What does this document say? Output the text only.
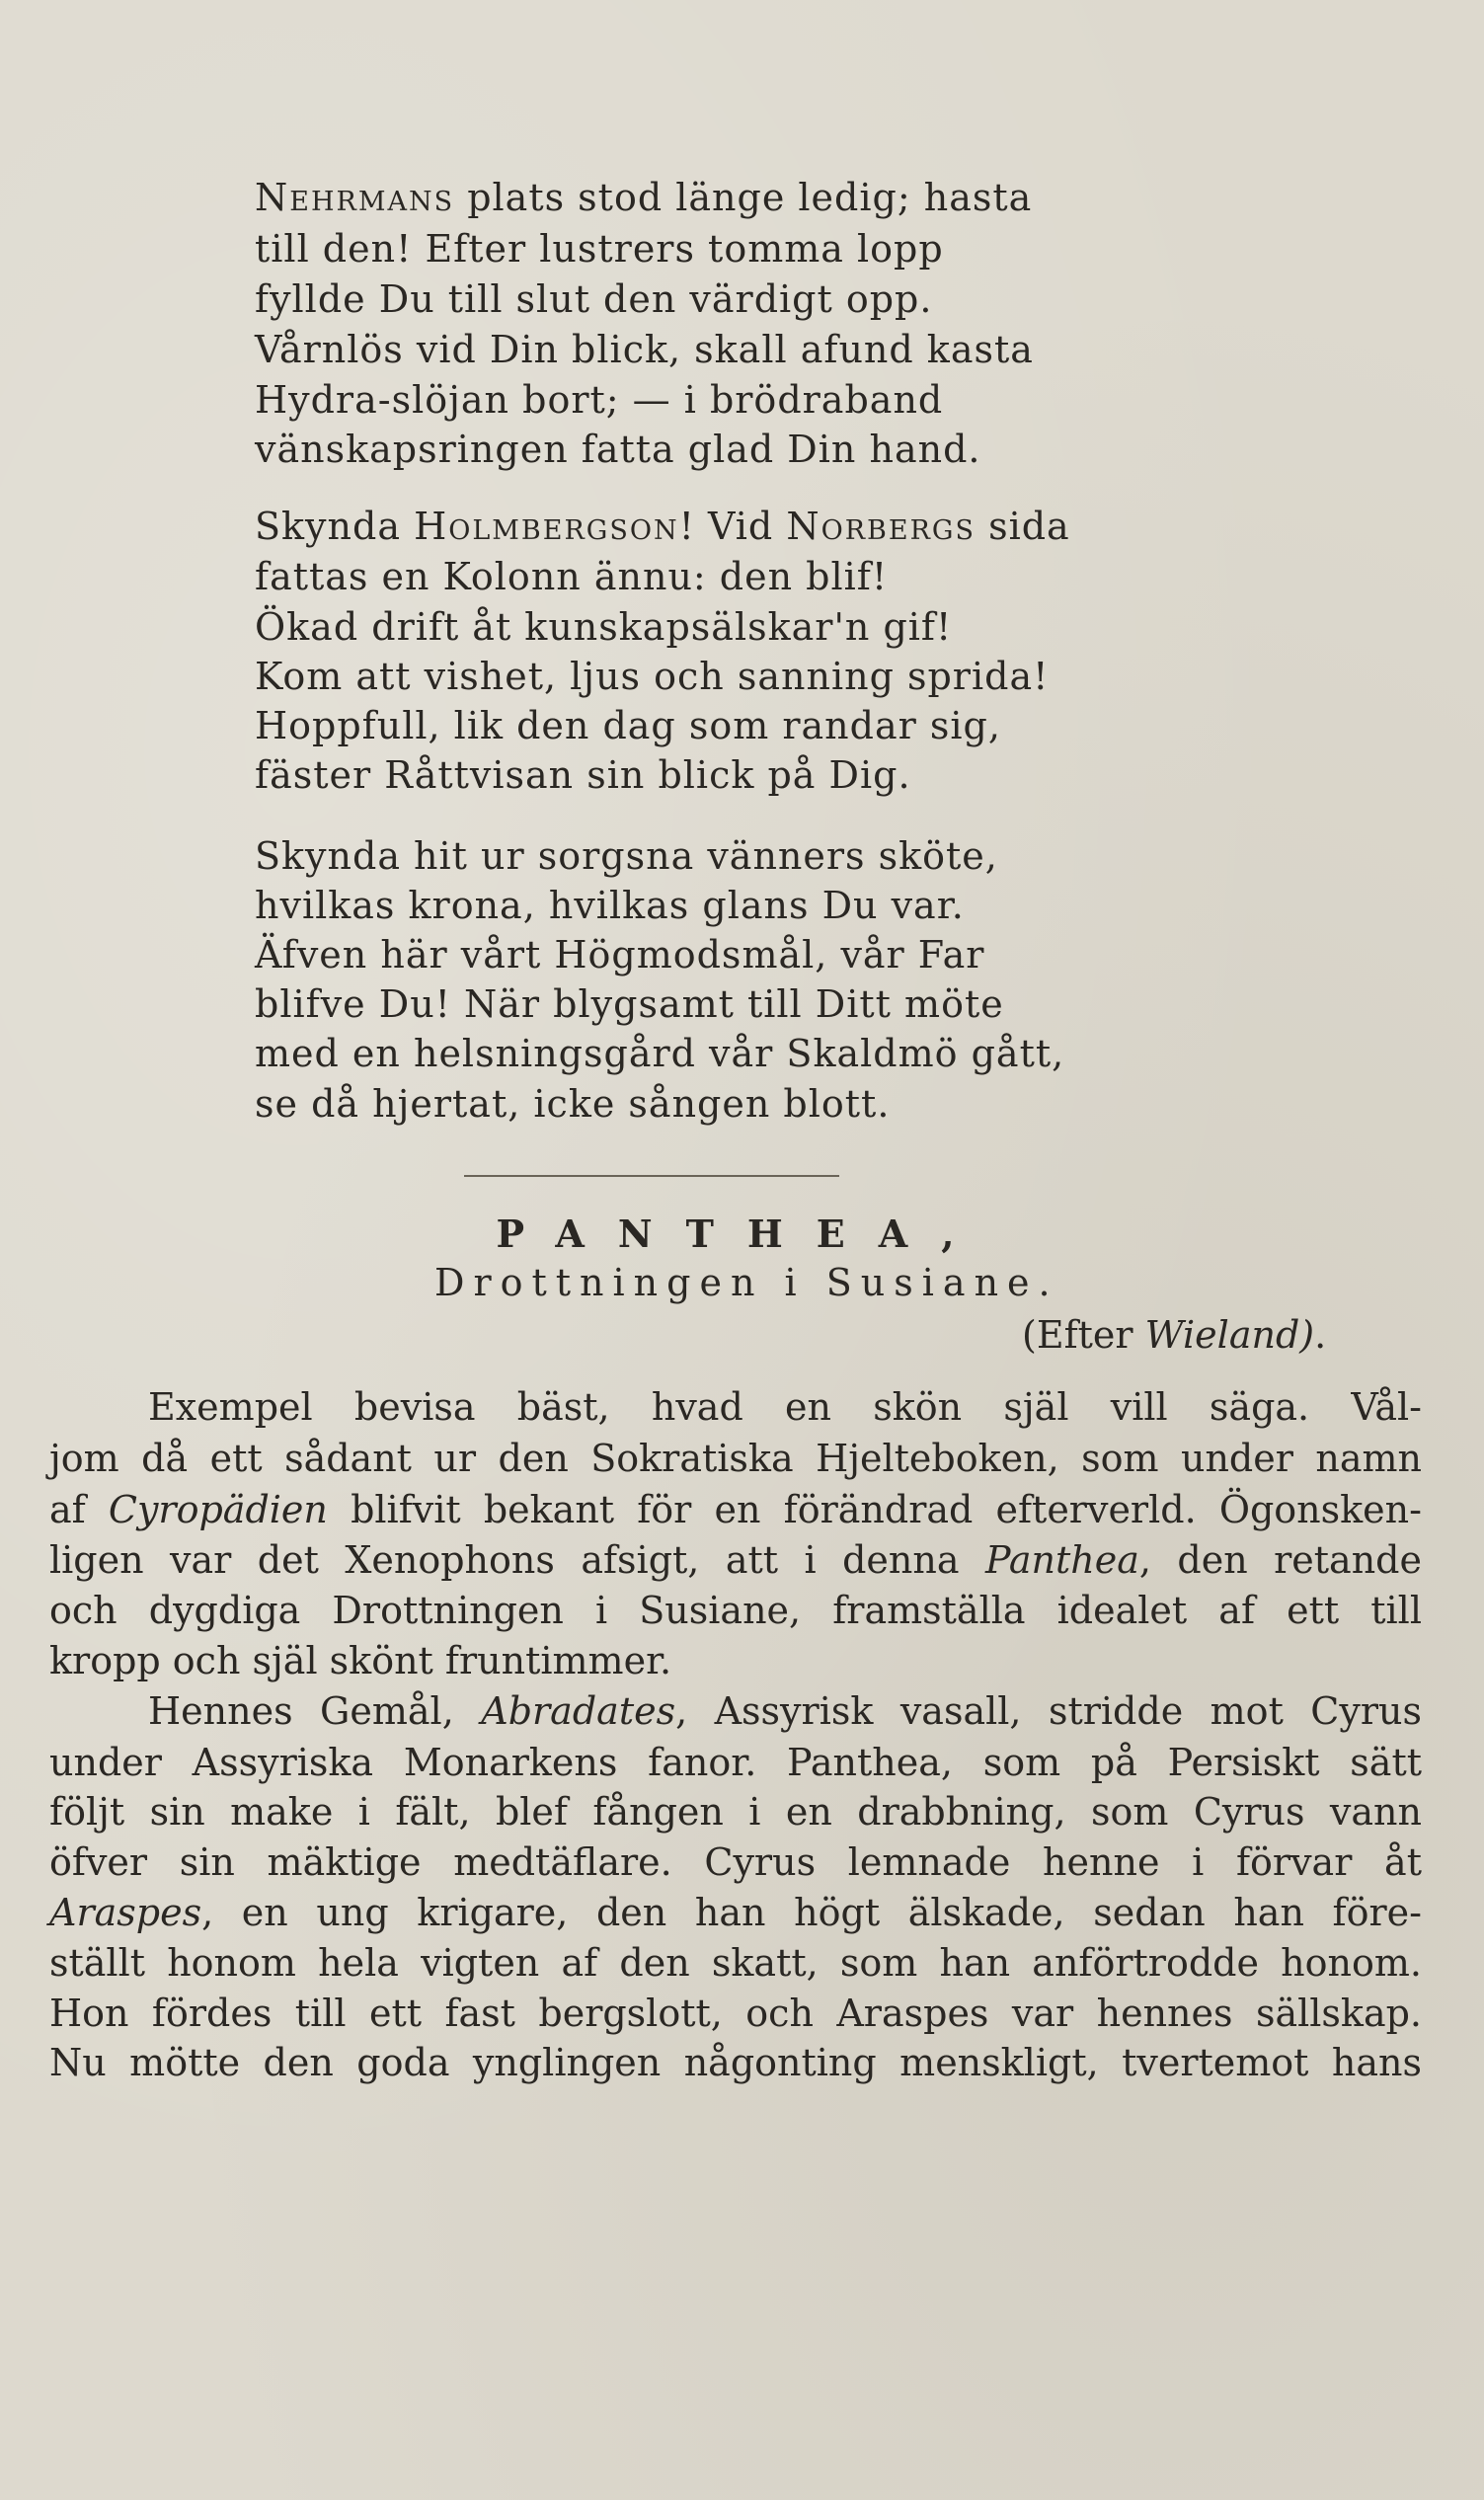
Nehrmans plats stod länge ledig; hasta
till den! Efter lustrers tomma lopp
fyllde Du till slut den värdigt opp.
Vårnlös vid Din blick, skall afund kasta
Hydra-slöjan bort; — i brödraband
vänskapsringen fatta glad Din hand.
Skynda Holmbergson! Vid Norbergs sida
fattas en Kolonn ännu: den blif!
Ökad drift åt kunskapsälskar'n gif!
Kom att vishet, ljus och sanning sprida!
Hoppfull, lik den dag som randar sig,
fäster Råttvisan sin blick på Dig.
Skynda hit ur sorgsna vänners sköte,
hvilkas krona, hvilkas glans Du var.
Äfven här vårt Högmodsmål, vår Far
blifve Du! När blygsamt till Ditt möte
med en helsningsgård vår Skaldmö gått,
se då hjertat, icke sången blott.
PANTHEA,
Drottningen i Susiane.
(Efter Wieland).
Exempel bevisa bäst, hvad en skön själ vill säga. Vål-
jom då ett sådant ur den Sokratiska Hjelteboken, som under namn
af Cyropädien blifvit bekant för en förändrad efterverld. Ögonsken-
ligen var det Xenophons afsigt, att i denna Panthea, den retande
och dygdiga Drottningen i Susiane, framställa idealet af ett till
kropp och själ skönt fruntimmer.
Hennes Gemål, Abradates, Assyrisk vasall, stridde mot Cyrus
under Assyriska Monarkens fanor. Panthea, som på Persiskt sätt
följt sin make i fält, blef fången i en drabbning, som Cyrus vann
öfver sin mäktige medtäflare. Cyrus lemnade henne i förvar åt
Araspes, en ung krigare, den han högt älskade, sedan han före-
ställt honom hela vigten af den skatt, som han anförtrodde honom.
Hon fördes till ett fast bergslott, och Araspes var hennes sällskap.
Nu mötte den goda ynglingen någonting menskligt, tvertemot hans
